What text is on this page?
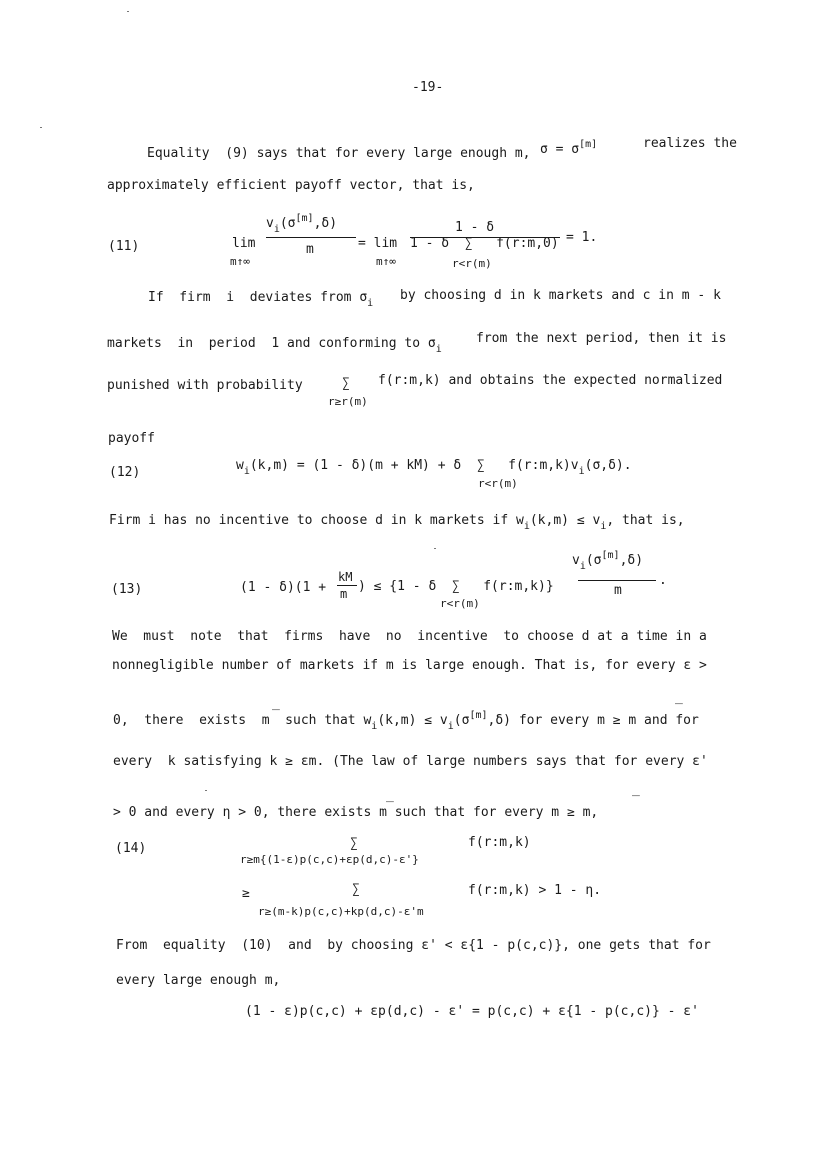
-19-
Equality  (9) says that for every large enough m, σ = σ[m]	realizes the
approximately efficient payoff vector, that is,
(11)	lim
m↑∞
$v_i(\sigma[m],\delta)$
m	= lim
m↑∞
1 - δ
1 - δ  ∑   f(r:m,0)
r<r(m)
= 1.
If  firm  i  deviates from $\sigma_i$
by choosing d in k markets and c in m - k
markets  in  period  1 and conforming to $\sigma_i$
from the next period, then it is
punished with probability	∑ f(r:m,k) and obtains the expected normalized
r≥r(m)
payoff
(12)	$w_i(k,m) = (1 - \delta)(m + kM) + \delta$  ∑   $f(r:m,k)v_i(\sigma,\delta)$.
r<r(m)
Firm i has no incentive to choose d in k markets if $w_i(k,m) \le v_i$, that is,
(13)	(1 - δ)(1 +
kM
m ) ≤ {1 - δ  ∑   f(r:m,k)}
r<r(m)
$v_i(\sigma[m],\delta)$
m
.
We  must  note  that  firms  have  no  incentive  to choose d at a time in a
nonnegligible number of markets if m is large enough. That is, for every ε >
_	_
0,  there  exists  m  such that $w_i(k,m) \le v_i(\sigma[m],\delta)$ for every m ≥ m and for
every  k satisfying k ≥ εm. (The law of large numbers says that for every ε'
_	_
> 0 and every η > 0, there exists m such that for every m ≥ m,
(14)	∑	f(r:m,k)
r≥m{(1-ε)p(c,c)+εp(d,c)-ε'}
≥	∑	f(r:m,k) > 1 - η.
r≥(m-k)p(c,c)+kp(d,c)-ε'm
From  equality  (10)  and  by choosing ε' < ε{1 - p(c,c)}, one gets that for
every large enough m,
(1 - ε)p(c,c) + εp(d,c) - ε' = p(c,c) + ε{1 - p(c,c)} - ε'
